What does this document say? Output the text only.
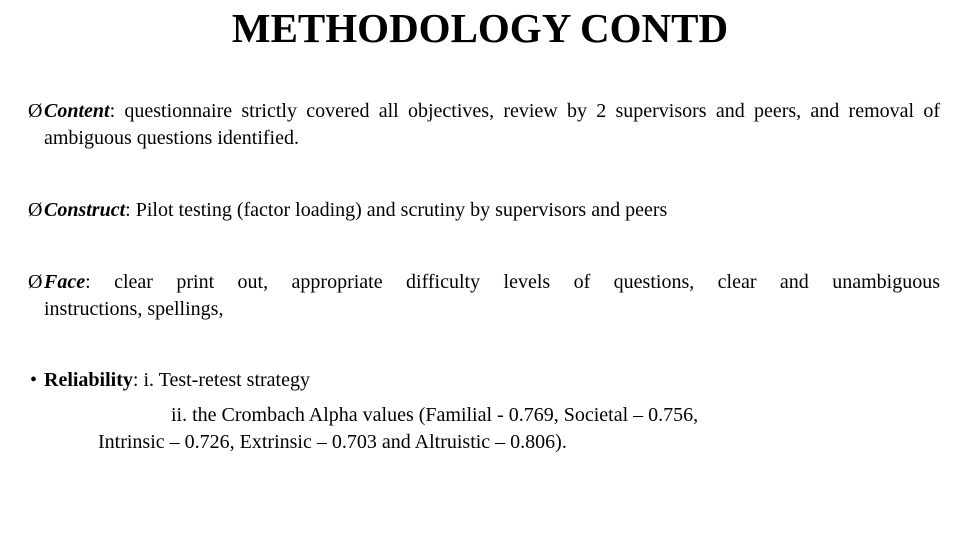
METHODOLOGY CONTD
Ø Content: questionnaire strictly covered all objectives, review by 2 supervisors and peers, and removal of ambiguous questions identified.
Ø Construct: Pilot testing (factor loading) and scrutiny by supervisors and peers
Ø Face: clear print out, appropriate difficulty levels of questions, clear and unambiguous
instructions, spellings,
• Reliability: i. Test-retest strategy
ii. the Crombach Alpha values (Familial - 0.769, Societal – 0.756,
Intrinsic – 0.726, Extrinsic – 0.703 and Altruistic – 0.806).
